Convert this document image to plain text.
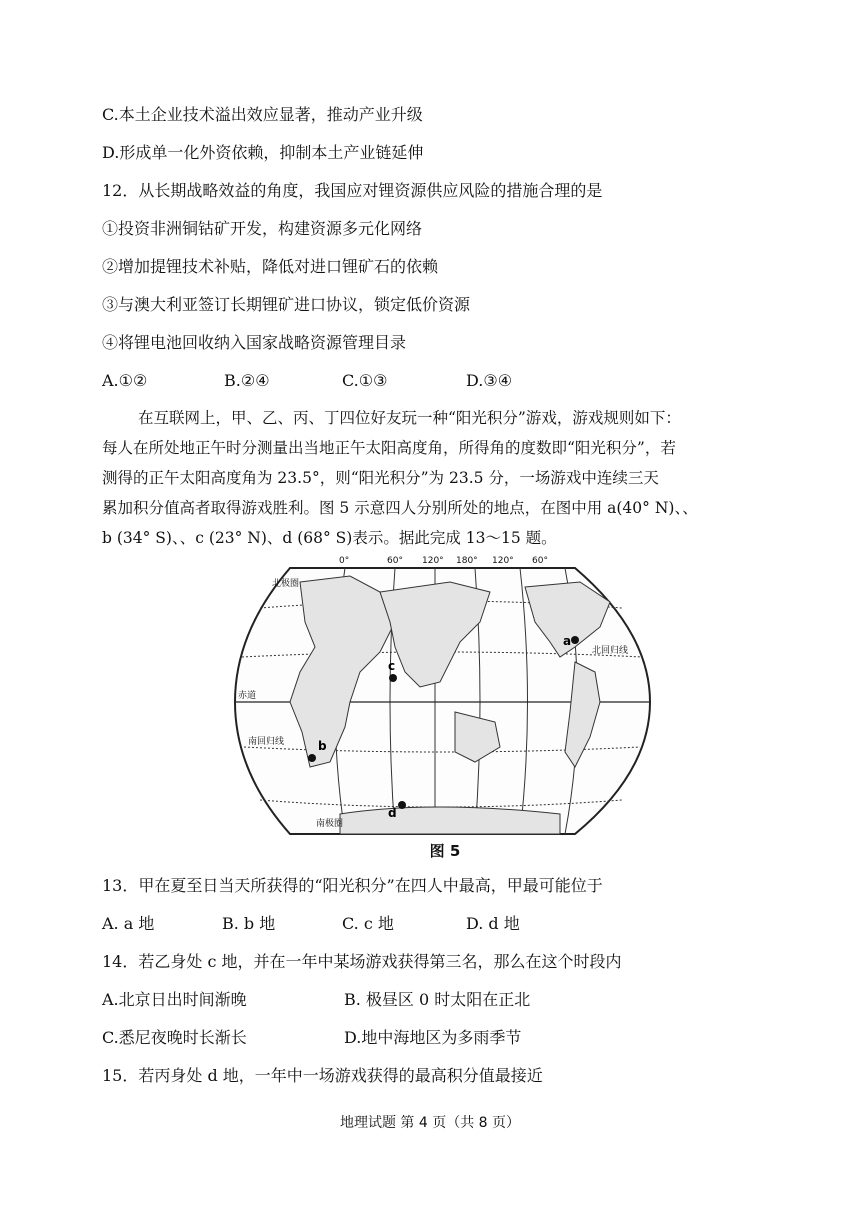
C.本土企业技术溢出效应显著，推动产业升级
D.形成单一化外资依赖，抑制本土产业链延伸
12．从长期战略效益的角度，我国应对锂资源供应风险的措施合理的是
①投资非洲铜钴矿开发，构建资源多元化网络
②增加提锂技术补贴，降低对进口锂矿石的依赖
③与澳大利亚签订长期锂矿进口协议，锁定低价资源
④将锂电池回收纳入国家战略资源管理目录
A.①②	B.②④	C.①③	D.③④
在互联网上，甲、乙、丙、丁四位好友玩一种“阳光积分”游戏，游戏规则如下：
每人在所处地正午时分测量出当地正午太阳高度角，所得角的度数即“阳光积分”，若
测得的正午太阳高度角为 23.5°，则“阳光积分”为 23.5 分，一场游戏中连续三天
累加积分值高者取得游戏胜利。图 5 示意四人分别所处的地点，在图中用 a(40° N)、、
b (34° S)、、c (23° N)、d (68° S)表示。据此完成 13～15 题。
0°	60° 120° 180° 120° 60°
北极圈
北回归线
赤道
南回归线
南极圈
a
b
c
d
图 5
13．甲在夏至日当天所获得的“阳光积分”在四人中最高，甲最可能位于
A. a 地	B. b 地	C. c 地	D. d 地
14．若乙身处 c 地，并在一年中某场游戏获得第三名，那么在这个时段内
A.北京日出时间渐晚	B. 极昼区 0 时太阳在正北
C.悉尼夜晚时长渐长	D.地中海地区为多雨季节
15．若丙身处 d 地，一年中一场游戏获得的最高积分值最接近
地理试题 第 4 页（共 8 页）
